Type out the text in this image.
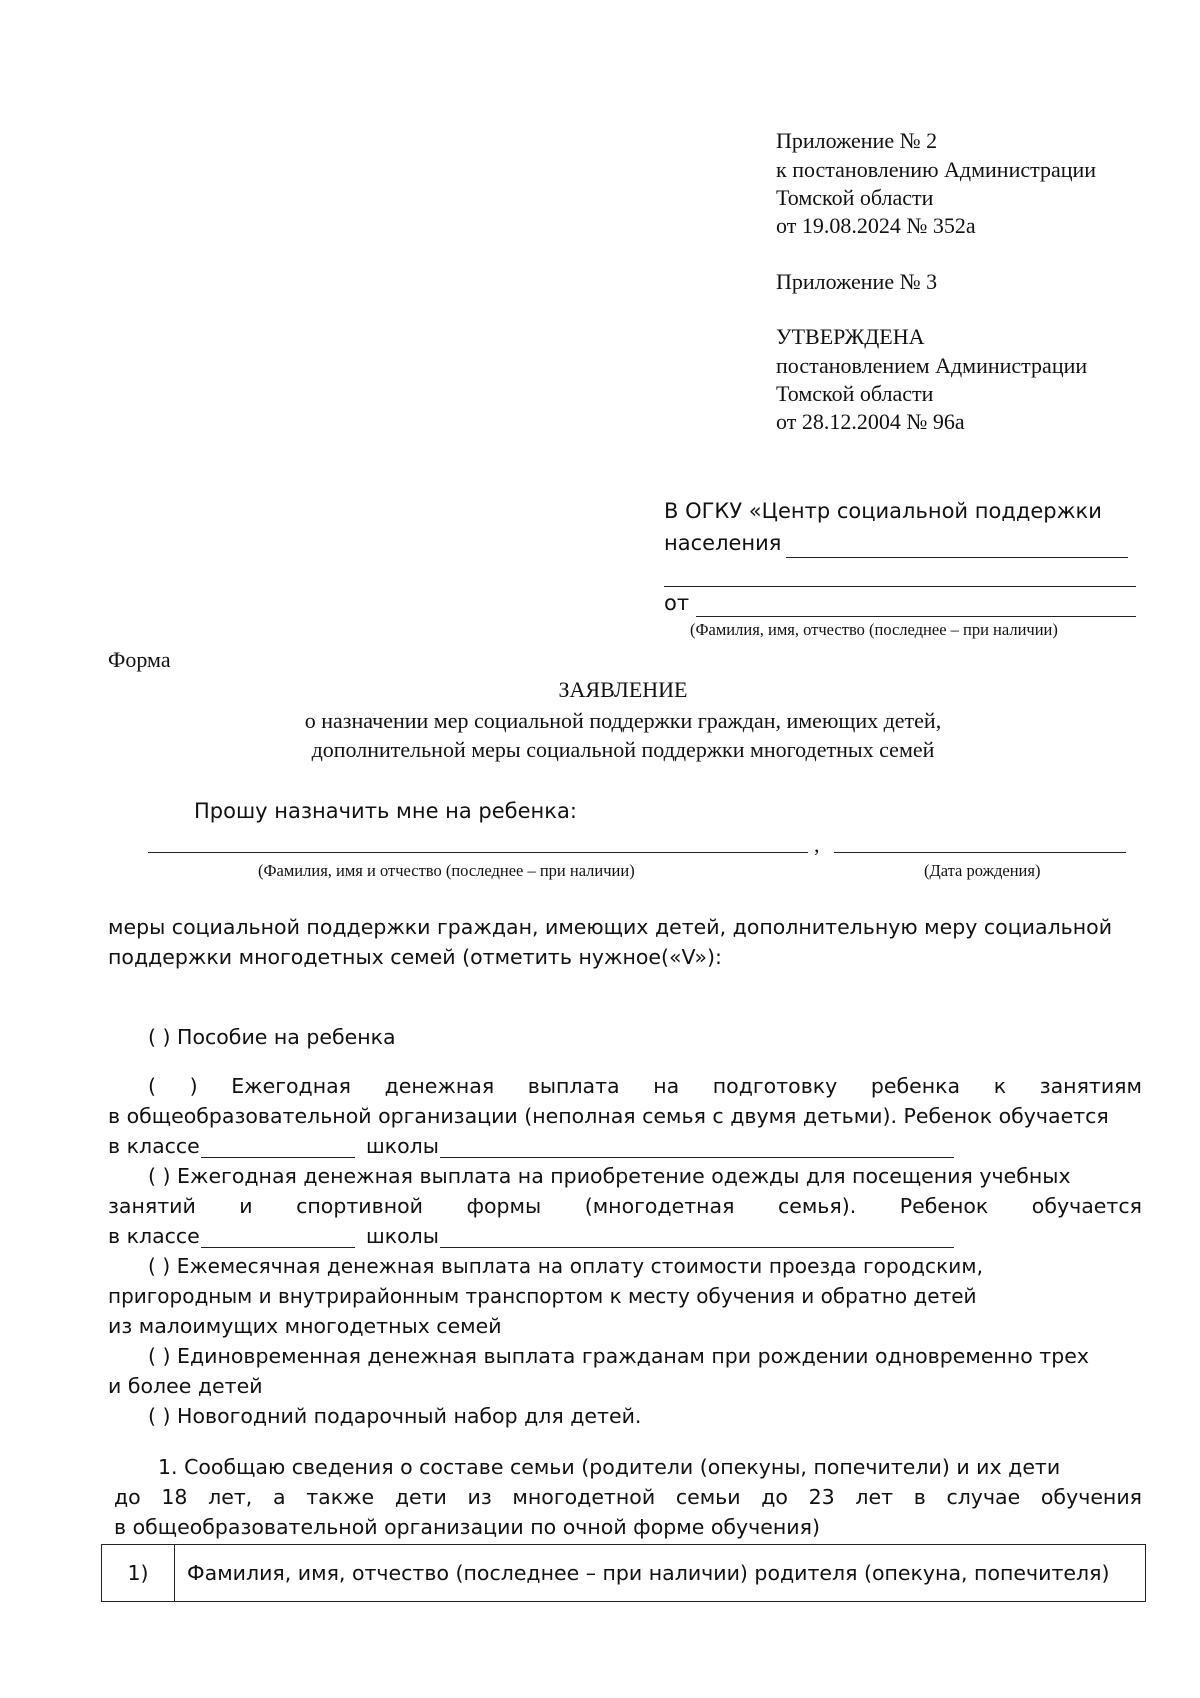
Приложение № 2
к постановлению Администрации
Томской области
от 19.08.2024 № 352а
Приложение № 3
УТВЕРЖДЕНА
постановлением Администрации
Томской области
от 28.12.2004 № 96а
В ОГКУ «Центр социальной поддержки
населения
от
(Фамилия, имя, отчество (последнее – при наличии)
Форма
ЗАЯВЛЕНИЕ
о назначении мер социальной поддержки граждан, имеющих детей,
дополнительной меры социальной поддержки многодетных семей
Прошу назначить мне на ребенка:
,
(Фамилия, имя и отчество (последнее – при наличии)	(Дата рождения)
меры социальной поддержки граждан, имеющих детей, дополнительную меру социальной
поддержки многодетных семей (отметить нужное(«V»):
( ) Пособие на ребенка
( ) Ежегодная денежная выплата на подготовку ребенка к занятиям
в общеобразовательной организации (неполная семья с двумя детьми). Ребенок обучается
в классе	школы
( ) Ежегодная денежная выплата на приобретение одежды для посещения учебных
занятий и спортивной формы (многодетная семья). Ребенок обучается
в классе	школы
( ) Ежемесячная денежная выплата на оплату стоимости проезда городским,
пригородным и внутрирайонным транспортом к месту обучения и обратно детей
из малоимущих многодетных семей
( ) Единовременная денежная выплата гражданам при рождении одновременно трех
и более детей
( ) Новогодний подарочный набор для детей.
1. Сообщаю сведения о составе семьи (родители (опекуны, попечители) и их дети
до 18 лет, а также дети из многодетной семьи до 23 лет в случае обучения
в общеобразовательной организации по очной форме обучения)
1)	Фамилия, имя, отчество (последнее – при наличии) родителя (опекуна, попечителя)
